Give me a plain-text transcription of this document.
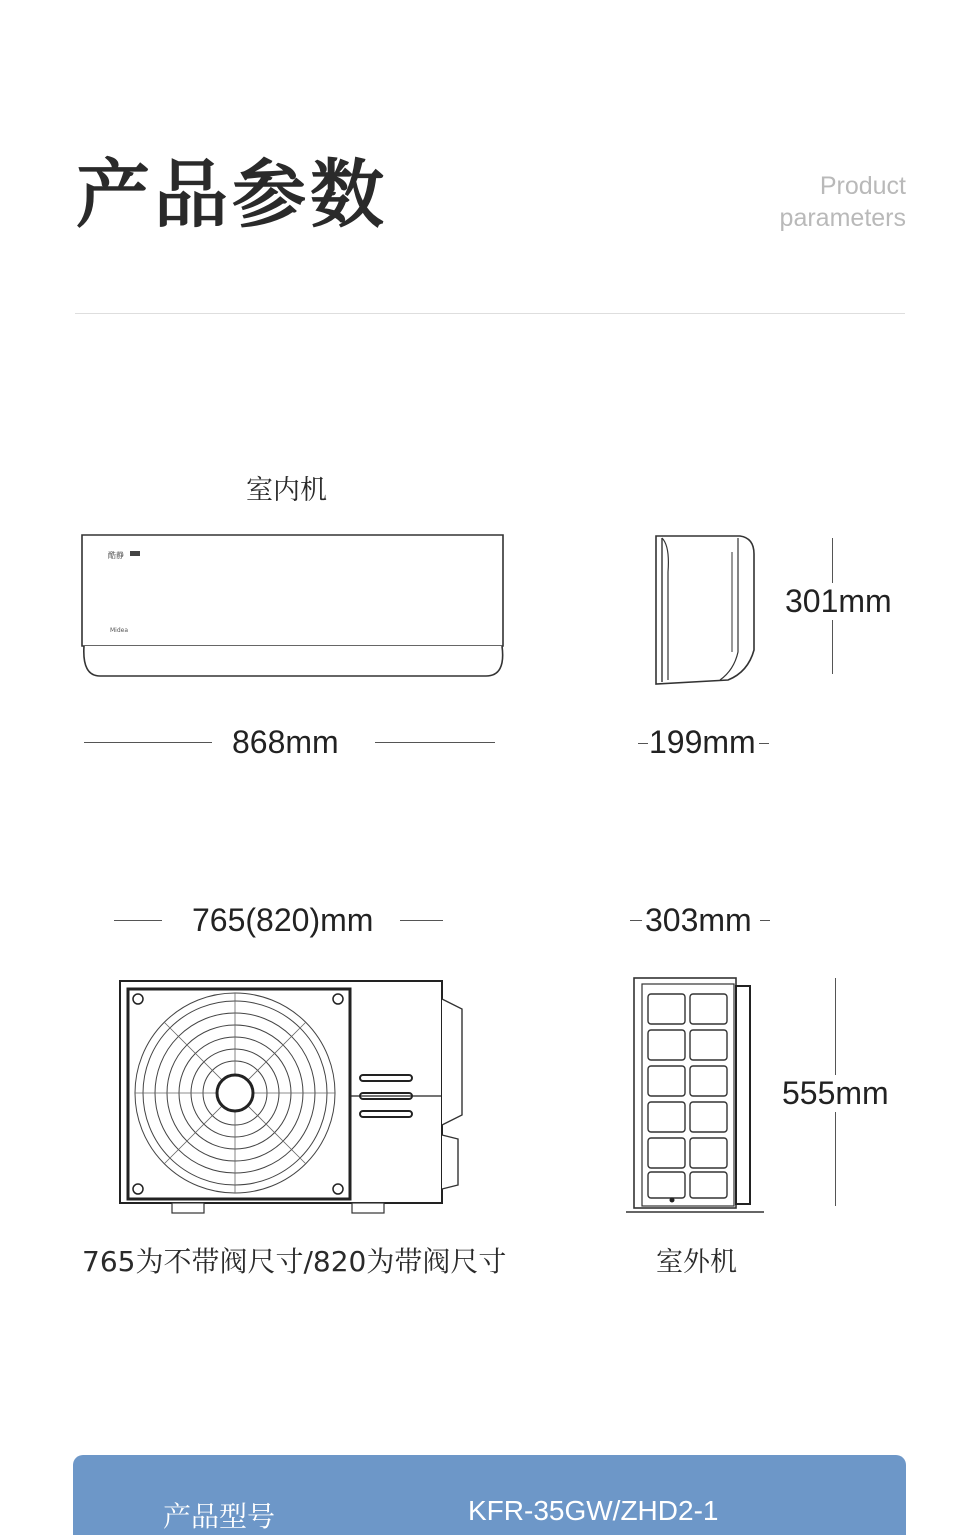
产品参数	Product
parameters
室内机
酷静
Midea
868mm
301mm
199mm
765(820)mm	303mm
555mm
765为不带阀尺寸/820为带阀尺寸	室外机
产品型号	KFR-35GW/ZHD2-1
